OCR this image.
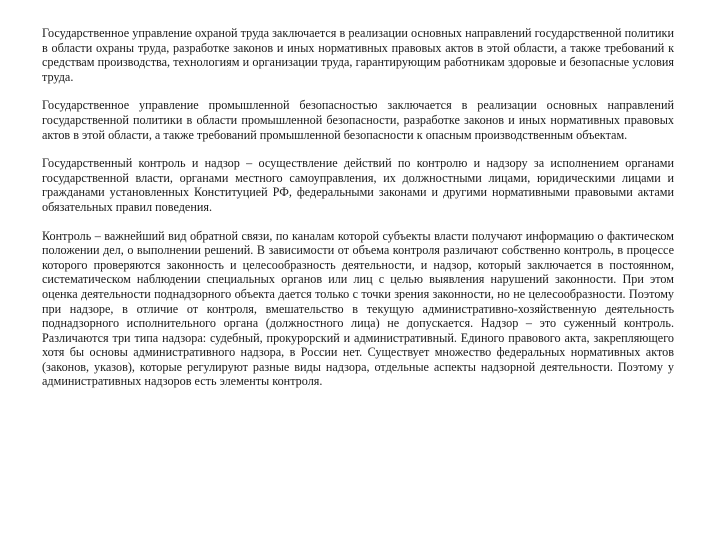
Государственное управление охраной труда заключается в реализации основных направлений государственной политики в области охраны труда, разработке законов и иных нормативных правовых актов в этой области, а также требований к средствам производства, технологиям и организации труда, гарантирующим работникам здоровые и безопасные условия труда.

Государственное управление промышленной безопасностью заключается в реализации основных направлений государственной политики в области промышленной безопасности, разработке законов и иных нормативных правовых актов в этой области, а также требований промышленной безопасности к опасным производственным объектам.

Государственный контроль и надзор – осуществление действий по контролю и надзору за исполнением органами государственной власти, органами местного самоуправления, их должностными лицами, юридическими лицами и гражданами установленных Конституцией РФ, федеральными законами и другими нормативными правовыми актами обязательных правил поведения.

Контроль – важнейший вид обратной связи, по каналам которой субъекты власти получают информацию о фактическом положении дел, о выполнении решений. В зависимости от объема контроля различают собственно контроль, в процессе которого проверяются законность и целесообразность деятельности, и надзор, который заключается в постоянном, систематическом наблюдении специальных органов или лиц с целью выявления нарушений законности. При этом оценка деятельности поднадзорного объекта дается только с точки зрения законности, но не целесообразности. Поэтому при надзоре, в отличие от контроля, вмешательство в текущую административно-хозяйственную деятельность поднадзорного исполнительного органа (должностного лица) не допускается. Надзор – это суженный контроль. Различаются три типа надзора: судебный, прокурорский и административный. Единого правового акта, закрепляющего хотя бы основы административного надзора, в России нет. Существует множество федеральных нормативных актов (законов, указов), которые регулируют разные виды надзора, отдельные аспекты надзорной деятельности. Поэтому у административных надзоров есть элементы контроля.
